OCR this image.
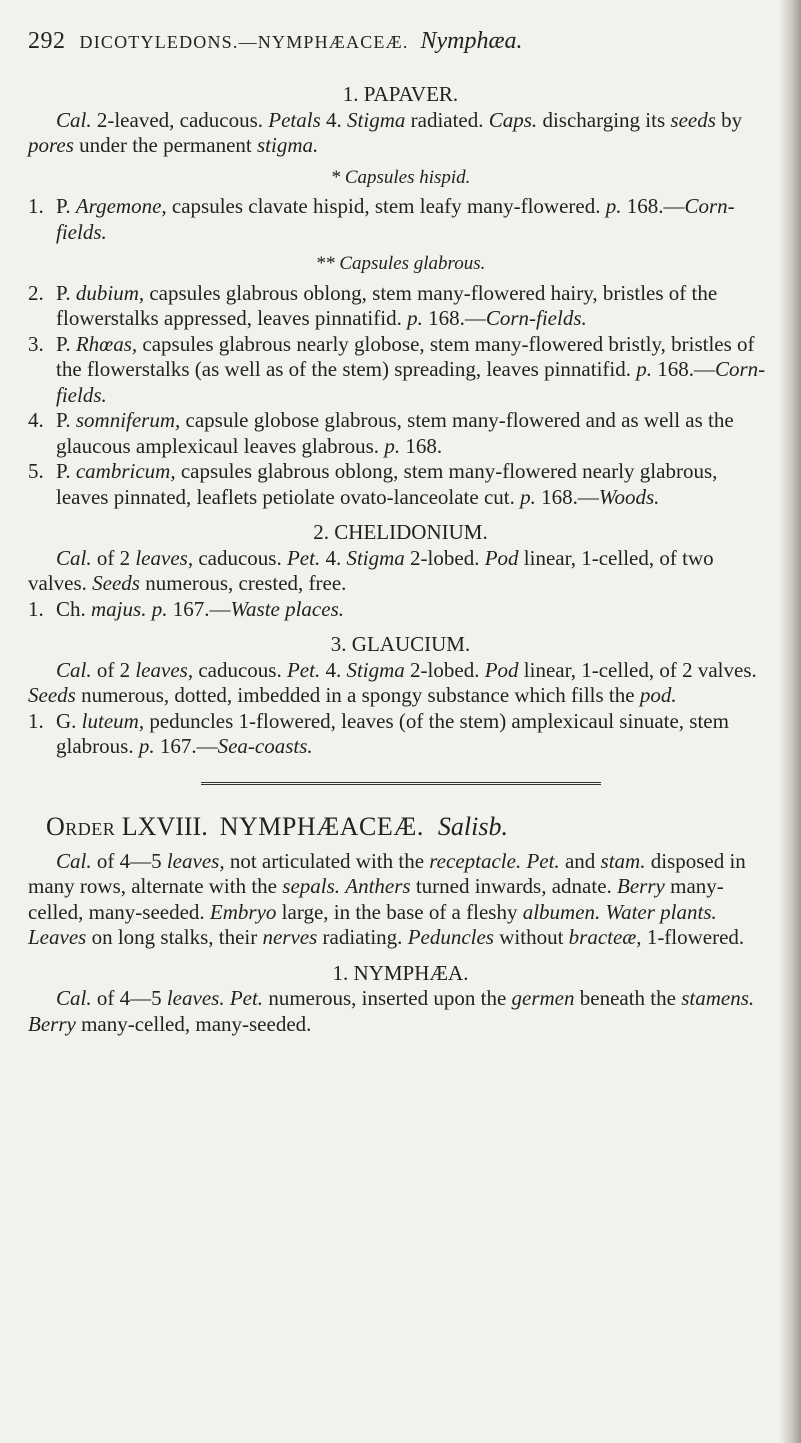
292 DICOTYLEDONS.—NYMPHÆACEÆ. Nymphæa.

1. PAPAVER.

Cal. 2-leaved, caducous. Petals 4. Stigma radiated. Caps. discharging its seeds by pores under the permanent stigma.

* Capsules hispid.

1. P. Argemone, capsules clavate hispid, stem leafy many-flowered. p. 168.—Corn-fields.

** Capsules glabrous.

2. P. dubium, capsules glabrous oblong, stem many-flowered hairy, bristles of the flowerstalks appressed, leaves pinnatifid. p. 168.—Corn-fields.

3. P. Rhœas, capsules glabrous nearly globose, stem many-flowered bristly, bristles of the flowerstalks (as well as of the stem) spreading, leaves pinnatifid. p. 168.—Corn-fields.

4. P. somniferum, capsule globose glabrous, stem many-flowered and as well as the glaucous amplexicaul leaves glabrous. p. 168.

5. P. cambricum, capsules glabrous oblong, stem many-flowered nearly glabrous, leaves pinnated, leaflets petiolate ovato-lanceolate cut. p. 168.—Woods.

2. CHELIDONIUM.

Cal. of 2 leaves, caducous. Pet. 4. Stigma 2-lobed. Pod linear, 1-celled, of two valves. Seeds numerous, crested, free.

1. Ch. majus. p. 167.—Waste places.

3. GLAUCIUM.

Cal. of 2 leaves, caducous. Pet. 4. Stigma 2-lobed. Pod linear, 1-celled, of 2 valves. Seeds numerous, dotted, imbedded in a spongy substance which fills the pod.

1. G. luteum, peduncles 1-flowered, leaves (of the stem) amplexicaul sinuate, stem glabrous. p. 167.—Sea-coasts.

Order LXVIII. NYMPHÆACEÆ. Salisb.

Cal. of 4—5 leaves, not articulated with the receptacle. Pet. and stam. disposed in many rows, alternate with the sepals. Anthers turned inwards, adnate. Berry many-celled, many-seeded. Embryo large, in the base of a fleshy albumen. Water plants. Leaves on long stalks, their nerves radiating. Peduncles without bracteæ, 1-flowered.

1. NYMPHÆA.

Cal. of 4—5 leaves. Pet. numerous, inserted upon the germen beneath the stamens. Berry many-celled, many-seeded.
